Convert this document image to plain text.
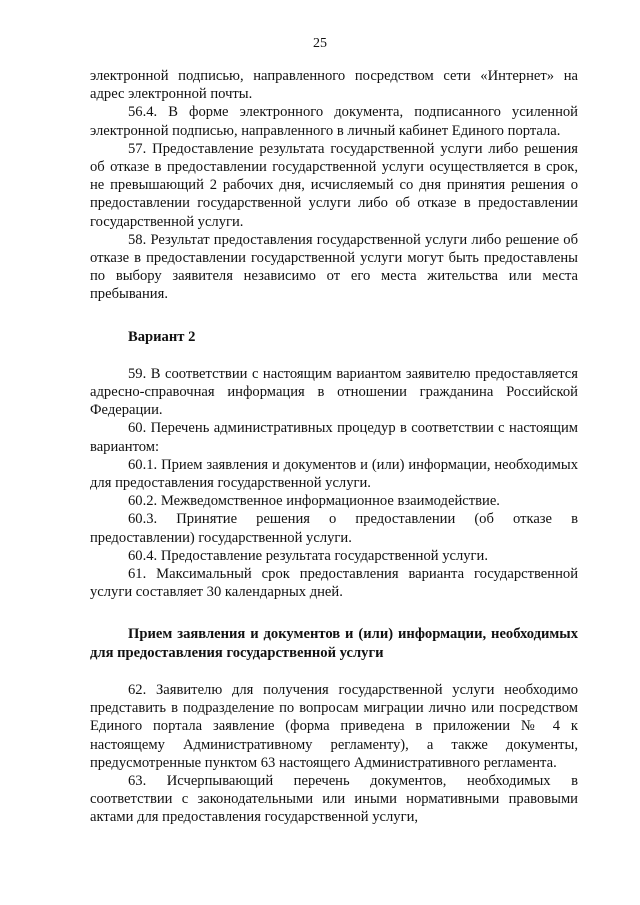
25

электронной подписью, направленного посредством сети «Интернет» на адрес электронной почты.

56.4. В форме электронного документа, подписанного усиленной электронной подписью, направленного в личный кабинет Единого портала.

57. Предоставление результата государственной услуги либо решения об отказе в предоставлении государственной услуги осуществляется в срок, не превышающий 2 рабочих дня, исчисляемый со дня принятия решения о предоставлении государственной услуги либо об отказе в предоставлении государственной услуги.

58. Результат предоставления государственной услуги либо решение об отказе в предоставлении государственной услуги могут быть предоставлены по выбору заявителя независимо от его места жительства или места пребывания.

Вариант 2

59. В соответствии с настоящим вариантом заявителю предоставляется адресно-справочная информация в отношении гражданина Российской Федерации.

60. Перечень административных процедур в соответствии с настоящим вариантом:

60.1. Прием заявления и документов и (или) информации, необходимых для предоставления государственной услуги.

60.2. Межведомственное информационное взаимодействие.

60.3. Принятие решения о предоставлении (об отказе в предоставлении) государственной услуги.

60.4. Предоставление результата государственной услуги.

61. Максимальный срок предоставления варианта государственной услуги составляет 30 календарных дней.

Прием заявления и документов и (или) информации, необходимых для предоставления государственной услуги

62. Заявителю для получения государственной услуги необходимо представить в подразделение по вопросам миграции лично или посредством Единого портала заявление (форма приведена в приложении № 4 к настоящему Административному регламенту), а также документы, предусмотренные пунктом 63 настоящего Административного регламента.

63. Исчерпывающий перечень документов, необходимых в соответствии с законодательными или иными нормативными правовыми актами для предоставления государственной услуги,
